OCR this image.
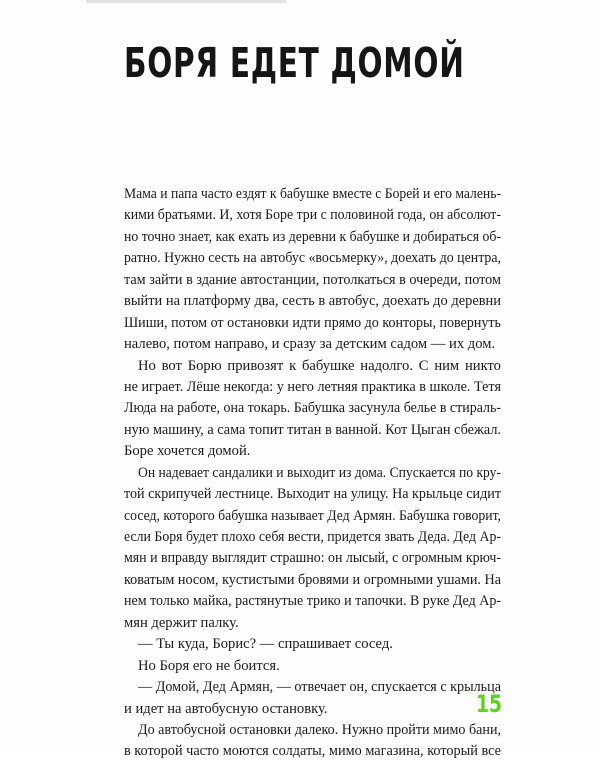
БОРЯ ЕДЕТ ДОМОЙ
Мама и папа часто ездят к бабушке вместе с Борей и его малень-
кими братьями. И, хотя Боре три с половиной года, он абсолют-
но точно знает, как ехать из деревни к бабушке и добираться об-
ратно. Нужно сесть на автобус «восьмерку», доехать до центра,
там зайти в здание автостанции, потолкаться в очереди, потом
выйти на платформу два, сесть в автобус, доехать до деревни
Шиши, потом от остановки идти прямо до конторы, повернуть
налево, потом направо, и сразу за детским садом — их дом.
Но вот Борю привозят к бабушке надолго. С ним никто
не играет. Лёше некогда: у него летняя практика в школе. Тетя
Люда на работе, она токарь. Бабушка засунула белье в стираль-
ную машину, а сама топит титан в ванной. Кот Цыган сбежал.
Боре хочется домой.
Он надевает сандалики и выходит из дома. Спускается по кру-
той скрипучей лестнице. Выходит на улицу. На крыльце сидит
сосед, которого бабушка называет Дед Армян. Бабушка говорит,
если Боря будет плохо себя вести, придется звать Деда. Дед Ар-
мян и вправду выглядит страшно: он лысый, с огромным крюч-
коватым носом, кустистыми бровями и огромными ушами. На
нем только майка, растянутые трико и тапочки. В руке Дед Ар-
мян держит палку.
— Ты куда, Борис? — спрашивает сосед.
Но Боря его не боится.
— Домой, Дед Армян, — отвечает он, спускается с крыльца
и идет на автобусную остановку.
До автобусной остановки далеко. Нужно пройти мимо бани,
в которой часто моются солдаты, мимо магазина, который все
15
